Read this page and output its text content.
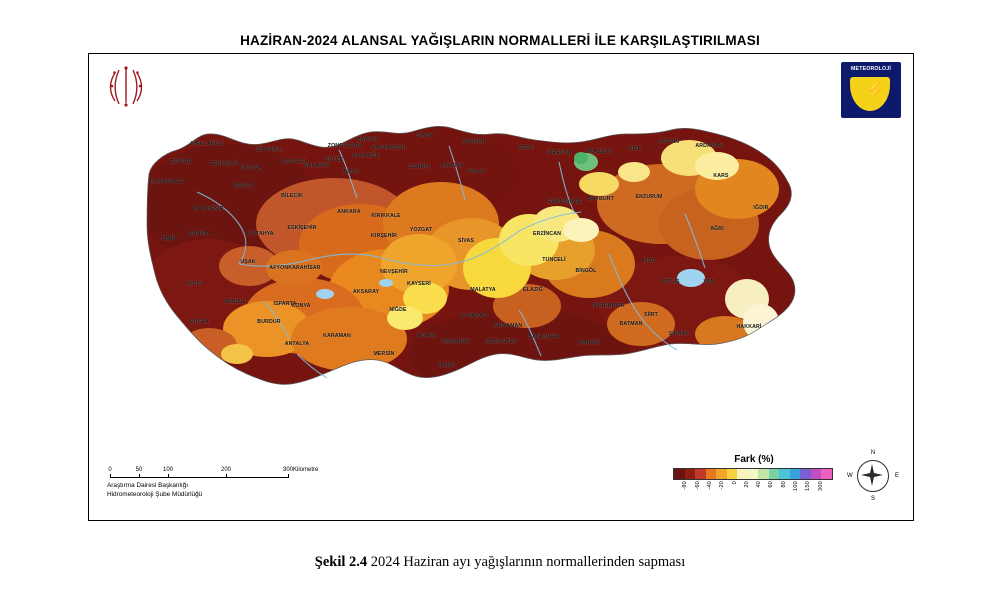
HAZİRAN-2024 ALANSAL YAĞIŞLARIN NORMALLERİ İLE KARŞILAŞTIRILMASI
METEOROLOJİ
⚡
KIRKLARELİ
EDİRNE	TEKİRDAĞ
İSTANBUL
KOCAELİ
SAKARYA
DÜZCE
BOLU
ZONGULDAK
BARTIN
KARABÜK
KASTAMONU
SİNOP
SAMSUN
ORDU
GİRESUN	TRABZON	RİZE
ARTVİN
ARDAHAN
KARS
IĞDIR
AĞRI
VAN
BİTLİS
MUŞ
HAKKARİ
ŞIRNAK
SİİRT
BATMAN
MARDİN
DİYARBAKIR
ŞANLIURFA
ADIYAMAN
MALATYA	ELAZIĞ
BİNGÖL
TUNCELİ
ERZİNCAN
ERZURUM
BAYBURT
GÜMÜŞHANE
SİVAS
TOKAT
AMASYA
ÇORUM
YOZGAT
KAYSERİ
KIRŞEHİR
NEVŞEHİR
AKSARAY
NİĞDE
K.MARAŞ
OSMANİYE	GAZİANTEP
HATAY
ADANA
MERSİN
KARAMAN
KONYA
ANKARA
KIRIKKALE
ESKİŞEHİR
BİLECİK
BURSA
YALOVA
BALIKESİR
ÇANAKKALE
MANİSA
İZMİR
KÜTAHYA
AFYONKARAHİSAR
UŞAK
DENİZLİ
AYDIN
MUĞLA
ISPARTA
BURDUR
ANTALYA
0	50	100	200	300 Kilometre
Araştırma Dairesi Başkanlığı
Hidrometeoroloji Şube Müdürlüğü
Fark (%)
-80 -60 -40 -20 0 20 40 60 80 100 150 300
N
S
W	E
Şekil 2.4 2024 Haziran ayı yağışlarının normallerinden sapması
